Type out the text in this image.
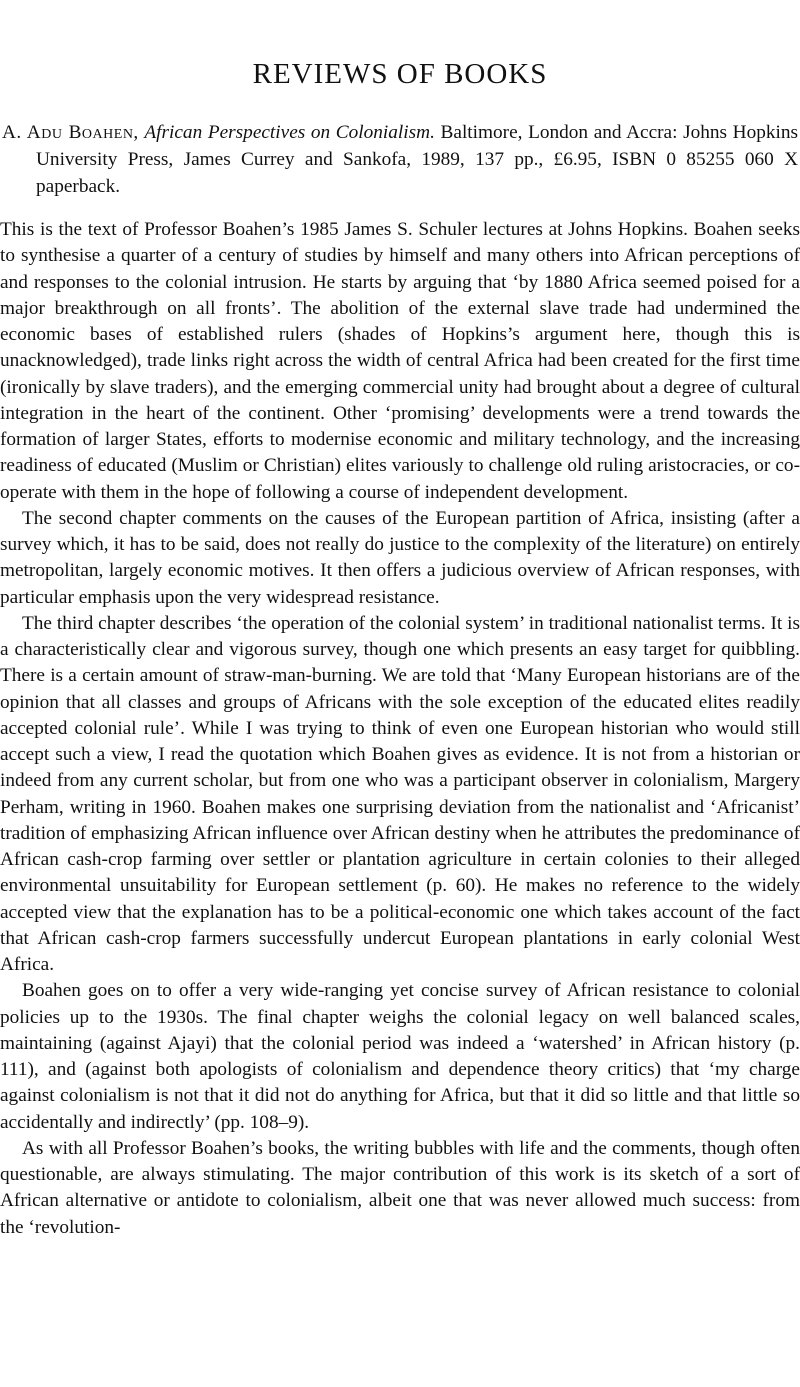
REVIEWS OF BOOKS

A. Adu Boahen, African Perspectives on Colonialism. Baltimore, London and Accra: Johns Hopkins University Press, James Currey and Sankofa, 1989, 137 pp., £6.95, ISBN 0 85255 060 X paperback.

This is the text of Professor Boahen’s 1985 James S. Schuler lectures at Johns Hopkins. Boahen seeks to synthesise a quarter of a century of studies by himself and many others into African perceptions of and responses to the colonial intrusion. He starts by arguing that ‘by 1880 Africa seemed poised for a major breakthrough on all fronts’. The abolition of the external slave trade had undermined the economic bases of established rulers (shades of Hopkins’s argument here, though this is unacknowledged), trade links right across the width of central Africa had been created for the first time (ironically by slave traders), and the emerging commercial unity had brought about a degree of cultural integration in the heart of the continent. Other ‘promising’ developments were a trend towards the formation of larger States, efforts to modernise economic and military technology, and the increasing readiness of educated (Muslim or Christian) elites variously to challenge old ruling aristocracies, or co-operate with them in the hope of following a course of independent development.

The second chapter comments on the causes of the European partition of Africa, insisting (after a survey which, it has to be said, does not really do justice to the complexity of the literature) on entirely metropolitan, largely economic motives. It then offers a judicious overview of African responses, with particular emphasis upon the very widespread resistance.

The third chapter describes ‘the operation of the colonial system’ in traditional nationalist terms. It is a characteristically clear and vigorous survey, though one which presents an easy target for quibbling. There is a certain amount of straw-man-burning. We are told that ‘Many European historians are of the opinion that all classes and groups of Africans with the sole exception of the educated elites readily accepted colonial rule’. While I was trying to think of even one European historian who would still accept such a view, I read the quotation which Boahen gives as evidence. It is not from a historian or indeed from any current scholar, but from one who was a participant observer in colonialism, Margery Perham, writing in 1960. Boahen makes one surprising deviation from the nationalist and ‘Africanist’ tradition of emphasizing African influence over African destiny when he attributes the predominance of African cash-crop farming over settler or plantation agriculture in certain colonies to their alleged environmental unsuitability for European settlement (p. 60). He makes no reference to the widely accepted view that the explanation has to be a political-economic one which takes account of the fact that African cash-crop farmers successfully undercut European plantations in early colonial West Africa.

Boahen goes on to offer a very wide-ranging yet concise survey of African resistance to colonial policies up to the 1930s. The final chapter weighs the colonial legacy on well balanced scales, maintaining (against Ajayi) that the colonial period was indeed a ‘watershed’ in African history (p. 111), and (against both apologists of colonialism and dependence theory critics) that ‘my charge against colonialism is not that it did not do anything for Africa, but that it did so little and that little so accidentally and indirectly’ (pp. 108–9).

As with all Professor Boahen’s books, the writing bubbles with life and the comments, though often questionable, are always stimulating. The major contribution of this work is its sketch of a sort of African alternative or antidote to colonialism, albeit one that was never allowed much success: from the ‘revolution-
